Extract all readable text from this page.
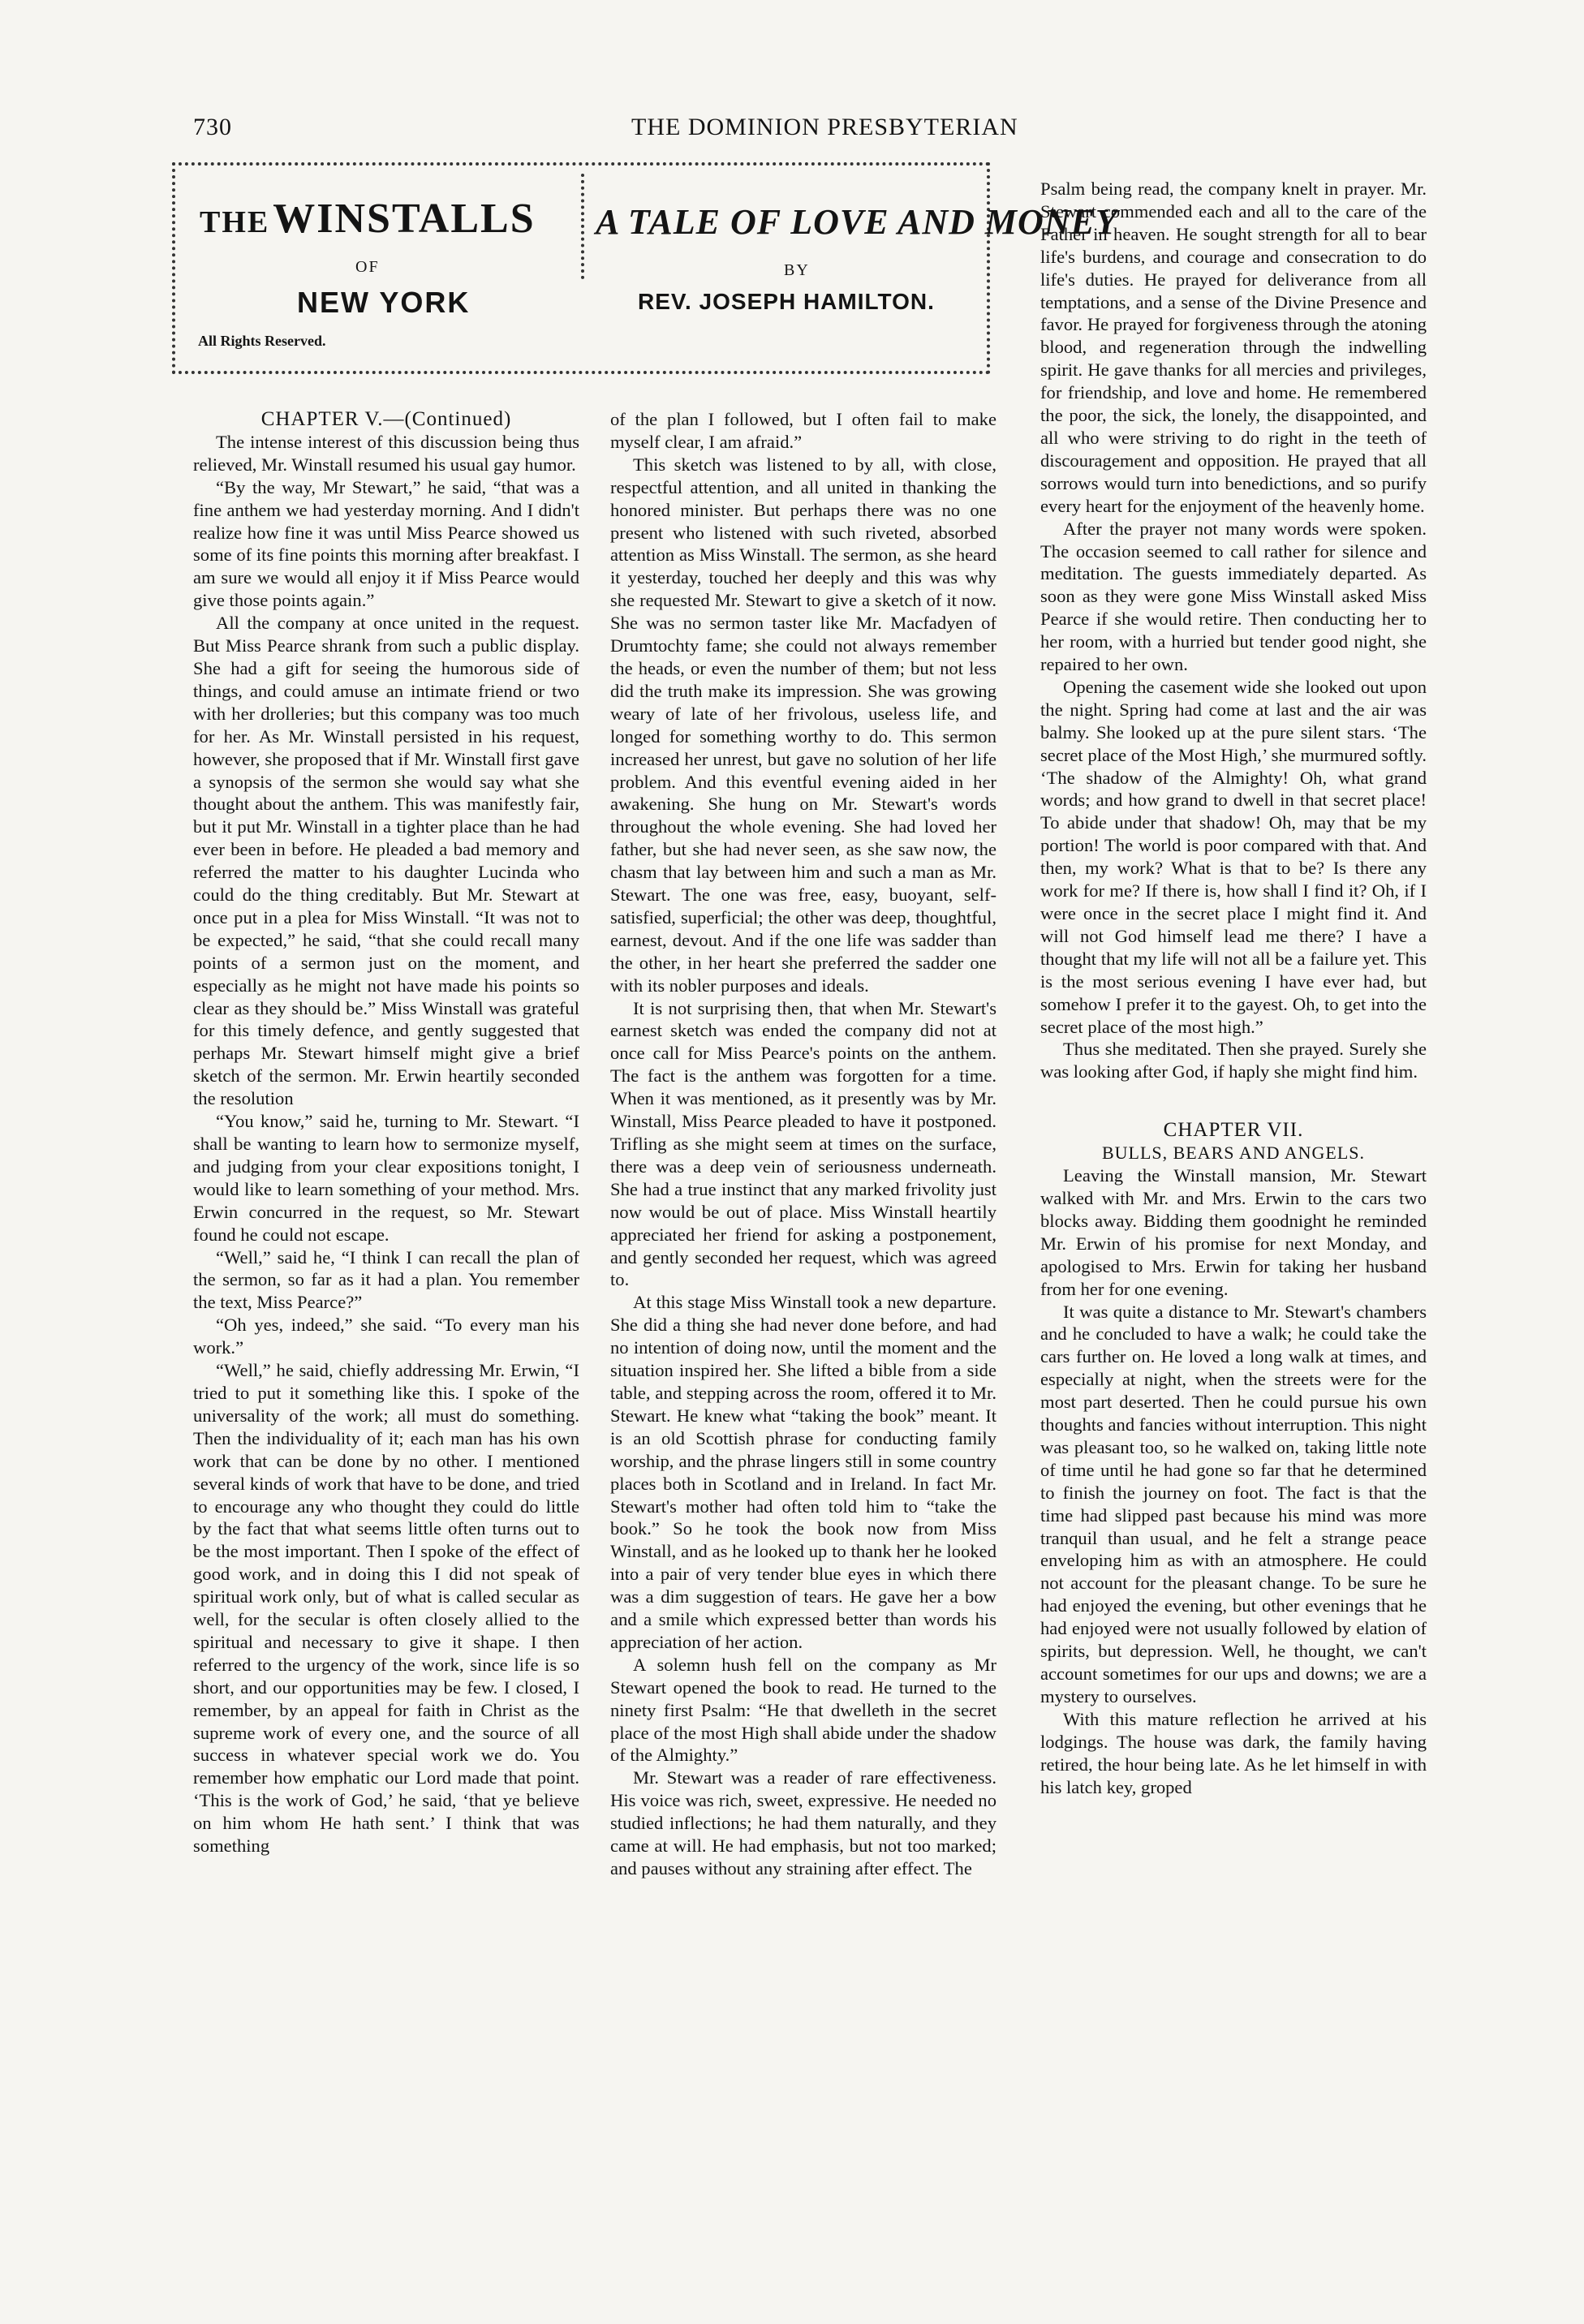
730	THE DOMINION PRESBYTERIAN
THE WINSTALLS
OF
NEW YORK
All Rights Reserved.
A TALE OF LOVE AND MONEY
BY
REV. JOSEPH HAMILTON.

CHAPTER V.—(Continued)

The intense interest of this discussion being thus relieved, Mr. Winstall resumed his usual gay humor.

“By the way, Mr Stewart,” he said, “that was a fine anthem we had yesterday morning. And I didn't realize how fine it was until Miss Pearce showed us some of its fine points this morning after breakfast. I am sure we would all enjoy it if Miss Pearce would give those points again.”

All the company at once united in the request. But Miss Pearce shrank from such a public display. She had a gift for seeing the humorous side of things, and could amuse an intimate friend or two with her drolleries; but this company was too much for her. As Mr. Winstall persisted in his request, however, she proposed that if Mr. Winstall first gave a synopsis of the sermon she would say what she thought about the anthem. This was manifestly fair, but it put Mr. Winstall in a tighter place than he had ever been in before. He pleaded a bad memory and referred the matter to his daughter Lucinda who could do the thing creditably. But Mr. Stewart at once put in a plea for Miss Winstall. “It was not to be expected,” he said, “that she could recall many points of a sermon just on the moment, and especially as he might not have made his points so clear as they should be.” Miss Winstall was grateful for this timely defence, and gently suggested that perhaps Mr. Stewart himself might give a brief sketch of the sermon. Mr. Erwin heartily seconded the resolution

“You know,” said he, turning to Mr. Stewart. “I shall be wanting to learn how to sermonize myself, and judging from your clear expositions tonight, I would like to learn something of your method. Mrs. Erwin concurred in the request, so Mr. Stewart found he could not escape.

“Well,” said he, “I think I can recall the plan of the sermon, so far as it had a plan. You remember the text, Miss Pearce?”

“Oh yes, indeed,” she said. “To every man his work.”

“Well,” he said, chiefly addressing Mr. Erwin, “I tried to put it something like this. I spoke of the universality of the work; all must do something. Then the individuality of it; each man has his own work that can be done by no other. I mentioned several kinds of work that have to be done, and tried to encourage any who thought they could do little by the fact that what seems little often turns out to be the most important. Then I spoke of the effect of good work, and in doing this I did not speak of spiritual work only, but of what is called secular as well, for the secular is often closely allied to the spiritual and necessary to give it shape. I then referred to the urgency of the work, since life is so short, and our opportunities may be few. I closed, I remember, by an appeal for faith in Christ as the supreme work of every one, and the source of all success in whatever special work we do. You remember how emphatic our Lord made that point. ‘This is the work of God,’ he said, ‘that ye believe on him whom He hath sent.’ I think that was something

of the plan I followed, but I often fail to make myself clear, I am afraid.”

This sketch was listened to by all, with close, respectful attention, and all united in thanking the honored minister. But perhaps there was no one present who listened with such riveted, absorbed attention as Miss Winstall. The sermon, as she heard it yesterday, touched her deeply and this was why she requested Mr. Stewart to give a sketch of it now. She was no sermon taster like Mr. Macfadyen of Drumtochty fame; she could not always remember the heads, or even the number of them; but not less did the truth make its impression. She was growing weary of late of her frivolous, useless life, and longed for something worthy to do. This sermon increased her unrest, but gave no solution of her life problem. And this eventful evening aided in her awakening. She hung on Mr. Stewart's words throughout the whole evening. She had loved her father, but she had never seen, as she saw now, the chasm that lay between him and such a man as Mr. Stewart. The one was free, easy, buoyant, self-satisfied, superficial; the other was deep, thoughtful, earnest, devout. And if the one life was sadder than the other, in her heart she preferred the sadder one with its nobler purposes and ideals.

It is not surprising then, that when Mr. Stewart's earnest sketch was ended the company did not at once call for Miss Pearce's points on the anthem. The fact is the anthem was forgotten for a time. When it was mentioned, as it presently was by Mr. Winstall, Miss Pearce pleaded to have it postponed. Trifling as she might seem at times on the surface, there was a deep vein of seriousness underneath. She had a true instinct that any marked frivolity just now would be out of place. Miss Winstall heartily appreciated her friend for asking a postponement, and gently seconded her request, which was agreed to.

At this stage Miss Winstall took a new departure. She did a thing she had never done before, and had no intention of doing now, until the moment and the situation inspired her. She lifted a bible from a side table, and stepping across the room, offered it to Mr. Stewart. He knew what “taking the book” meant. It is an old Scottish phrase for conducting family worship, and the phrase lingers still in some country places both in Scotland and in Ireland. In fact Mr. Stewart's mother had often told him to “take the book.” So he took the book now from Miss Winstall, and as he looked up to thank her he looked into a pair of very tender blue eyes in which there was a dim suggestion of tears. He gave her a bow and a smile which expressed better than words his appreciation of her action.

A solemn hush fell on the company as Mr Stewart opened the book to read. He turned to the ninety first Psalm: “He that dwelleth in the secret place of the most High shall abide under the shadow of the Almighty.”

Mr. Stewart was a reader of rare effectiveness. His voice was rich, sweet, expressive. He needed no studied inflections; he had them naturally, and they came at will. He had emphasis, but not too marked; and pauses without any straining after effect. The

Psalm being read, the company knelt in prayer. Mr. Stewart commended each and all to the care of the Father in heaven. He sought strength for all to bear life's burdens, and courage and consecration to do life's duties. He prayed for deliverance from all temptations, and a sense of the Divine Presence and favor. He prayed for forgiveness through the atoning blood, and regeneration through the indwelling spirit. He gave thanks for all mercies and privileges, for friendship, and love and home. He remembered the poor, the sick, the lonely, the disappointed, and all who were striving to do right in the teeth of discouragement and opposition. He prayed that all sorrows would turn into benedictions, and so purify every heart for the enjoyment of the heavenly home.

After the prayer not many words were spoken. The occasion seemed to call rather for silence and meditation. The guests immediately departed. As soon as they were gone Miss Winstall asked Miss Pearce if she would retire. Then conducting her to her room, with a hurried but tender good night, she repaired to her own.

Opening the casement wide she looked out upon the night. Spring had come at last and the air was balmy. She looked up at the pure silent stars. ‘The secret place of the Most High,’ she murmured softly. ‘The shadow of the Almighty! Oh, what grand words; and how grand to dwell in that secret place! To abide under that shadow! Oh, may that be my portion! The world is poor compared with that. And then, my work? What is that to be? Is there any work for me? If there is, how shall I find it? Oh, if I were once in the secret place I might find it. And will not God himself lead me there? I have a thought that my life will not all be a failure yet. This is the most serious evening I have ever had, but somehow I prefer it to the gayest. Oh, to get into the secret place of the most high.”

Thus she meditated. Then she prayed. Surely she was looking after God, if haply she might find him.

CHAPTER VII.

BULLS, BEARS AND ANGELS.

Leaving the Winstall mansion, Mr. Stewart walked with Mr. and Mrs. Erwin to the cars two blocks away. Bidding them goodnight he reminded Mr. Erwin of his promise for next Monday, and apologised to Mrs. Erwin for taking her husband from her for one evening.

It was quite a distance to Mr. Stewart's chambers and he concluded to have a walk; he could take the cars further on. He loved a long walk at times, and especially at night, when the streets were for the most part deserted. Then he could pursue his own thoughts and fancies without interruption. This night was pleasant too, so he walked on, taking little note of time until he had gone so far that he determined to finish the journey on foot. The fact is that the time had slipped past because his mind was more tranquil than usual, and he felt a strange peace enveloping him as with an atmosphere. He could not account for the pleasant change. To be sure he had enjoyed the evening, but other evenings that he had enjoyed were not usually followed by elation of spirits, but depression. Well, he thought, we can't account sometimes for our ups and downs; we are a mystery to ourselves.

With this mature reflection he arrived at his lodgings. The house was dark, the family having retired, the hour being late. As he let himself in with his latch key, groped
